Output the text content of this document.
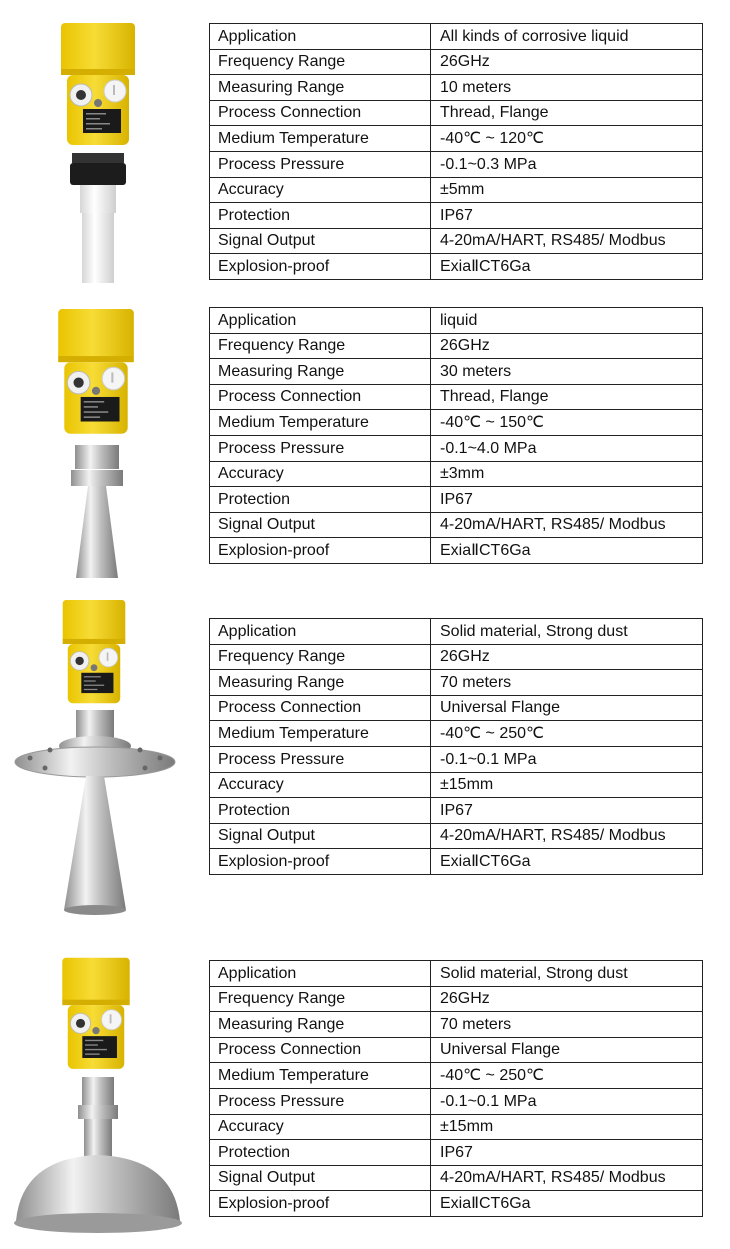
Application	All kinds of corrosive liquid
Frequency Range	26GHz
Measuring Range	10 meters
Process Connection	Thread, Flange
Medium Temperature	-40℃ ~ 120℃
Process Pressure	-0.1~0.3 MPa
Accuracy	±5mm
Protection	IP67
Signal Output	4-20mA/HART, RS485/ Modbus
Explosion-proof	ExiaⅡCT6Ga
Application	liquid
Frequency Range	26GHz
Measuring Range	30 meters
Process Connection	Thread, Flange
Medium Temperature	-40℃ ~ 150℃
Process Pressure	-0.1~4.0 MPa
Accuracy	±3mm
Protection	IP67
Signal Output	4-20mA/HART, RS485/ Modbus
Explosion-proof	ExiaⅡCT6Ga
Application	Solid material, Strong dust
Frequency Range	26GHz
Measuring Range	70 meters
Process Connection	Universal Flange
Medium Temperature	-40℃ ~ 250℃
Process Pressure	-0.1~0.1 MPa
Accuracy	±15mm
Protection	IP67
Signal Output	4-20mA/HART, RS485/ Modbus
Explosion-proof	ExiaⅡCT6Ga
Application	Solid material, Strong dust
Frequency Range	26GHz
Measuring Range	70 meters
Process Connection	Universal Flange
Medium Temperature	-40℃ ~ 250℃
Process Pressure	-0.1~0.1 MPa
Accuracy	±15mm
Protection	IP67
Signal Output	4-20mA/HART, RS485/ Modbus
Explosion-proof	ExiaⅡCT6Ga
